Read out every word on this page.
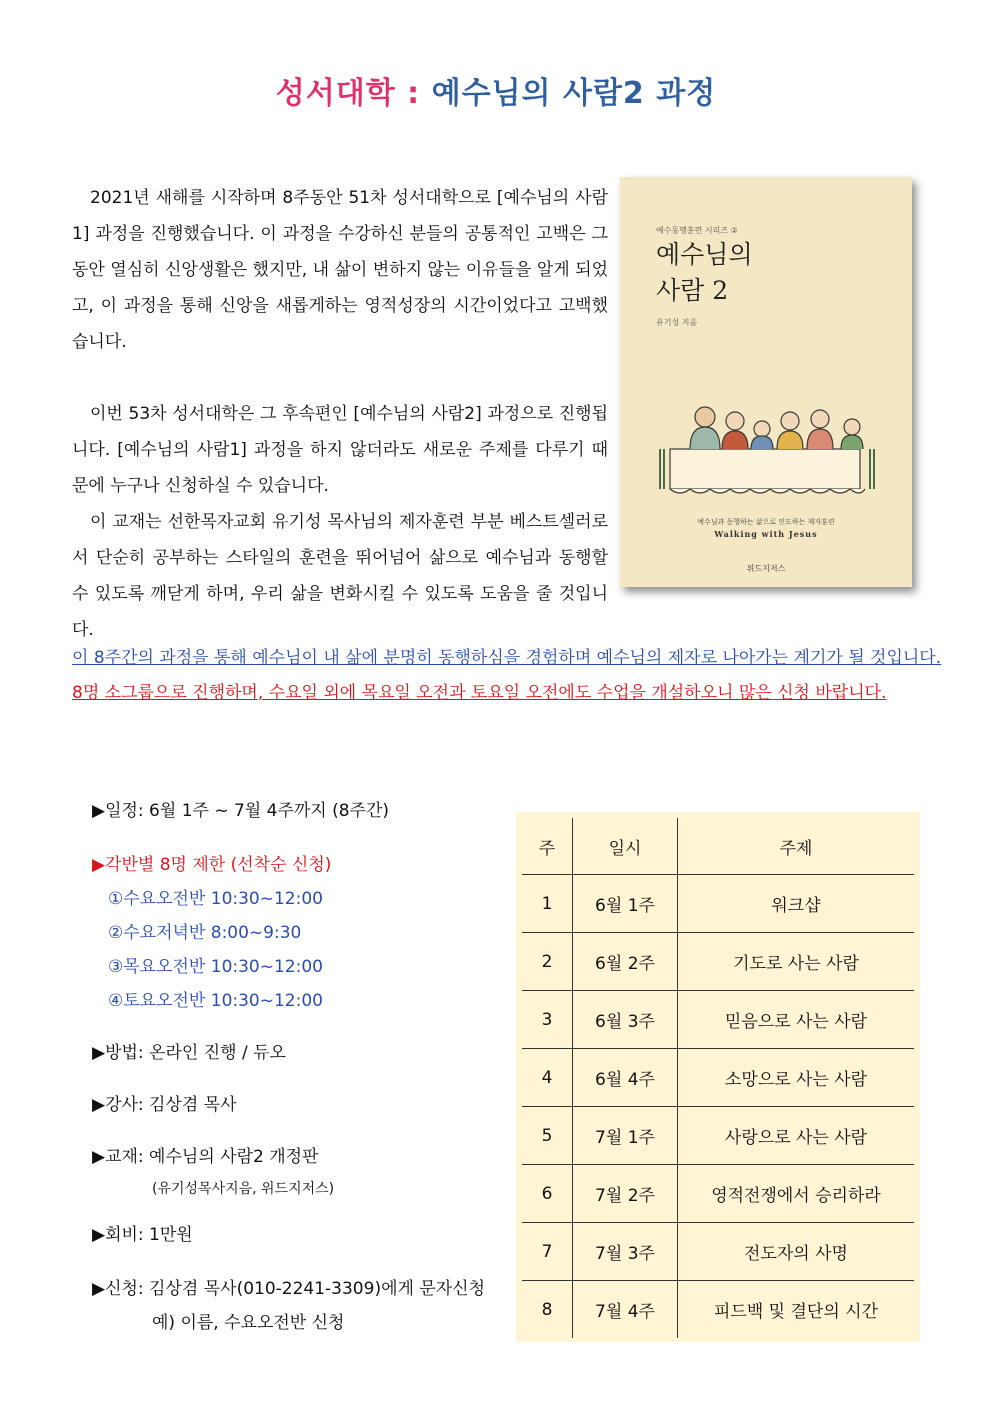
성서대학 : 예수님의 사람2 과정

2021년 새해를 시작하며 8주동안 51차 성서대학으로 [예수님의 사람1] 과정을 진행했습니다. 이 과정을 수강하신 분들의 공통적인 고백은 그동안 열심히 신앙생활은 했지만, 내 삶이 변하지 않는 이유들을 알게 되었고, 이 과정을 통해 신앙을 새롭게하는 영적성장의 시간이었다고 고백했습니다.

이번 53차 성서대학은 그 후속편인 [예수님의 사람2] 과정으로 진행됩니다. [예수님의 사람1] 과정을 하지 않더라도 새로운 주제를 다루기 때문에 누구나 신청하실 수 있습니다.

이 교재는 선한목자교회 유기성 목사님의 제자훈련 부분 베스트셀러로서 단순히 공부하는 스타일의 훈련을 뛰어넘어 삶으로 예수님과 동행할 수 있도록 깨닫게 하며, 우리 삶을 변화시킬 수 있도록 도움을 줄 것입니다.

예수동행훈련 시리즈 ②
예수님의
사람 2
유기성 지음
예수님과 동행하는 삶으로 인도하는 제자훈련
Walking with Jesus
위드지저스

이 8주간의 과정을 통해 예수님이 내 삶에 분명히 동행하심을 경험하며 예수님의 제자로 나아가는 계기가 될 것입니다.

8명 소그룹으로 진행하며, 수요일 외에 목요일 오전과 토요일 오전에도 수업을 개설하오니 많은 신청 바랍니다.

▶일정: 6월 1주 ~ 7월 4주까지 (8주간)
▶각반별 8명 제한 (선착순 신청)
①수요오전반 10:30~12:00
②수요저녁반 8:00~9:30
③목요오전반 10:30~12:00
④토요오전반 10:30~12:00
▶방법: 온라인 진행 / 듀오
▶강사: 김상겸 목사
▶교재: 예수님의 사람2 개정판
(유기성목사지음, 위드지저스)
▶회비: 1만원
▶신청: 김상겸 목사(010-2241-3309)에게 문자신청
예) 이름, 수요오전반 신청
주	일시	주제
1	6월 1주	워크샵
2	6월 2주	기도로 사는 사람
3	6월 3주	믿음으로 사는 사람
4	6월 4주	소망으로 사는 사람
5	7월 1주	사랑으로 사는 사람
6	7월 2주	영적전쟁에서 승리하라
7	7월 3주	전도자의 사명
8	7월 4주	피드백 및 결단의 시간
